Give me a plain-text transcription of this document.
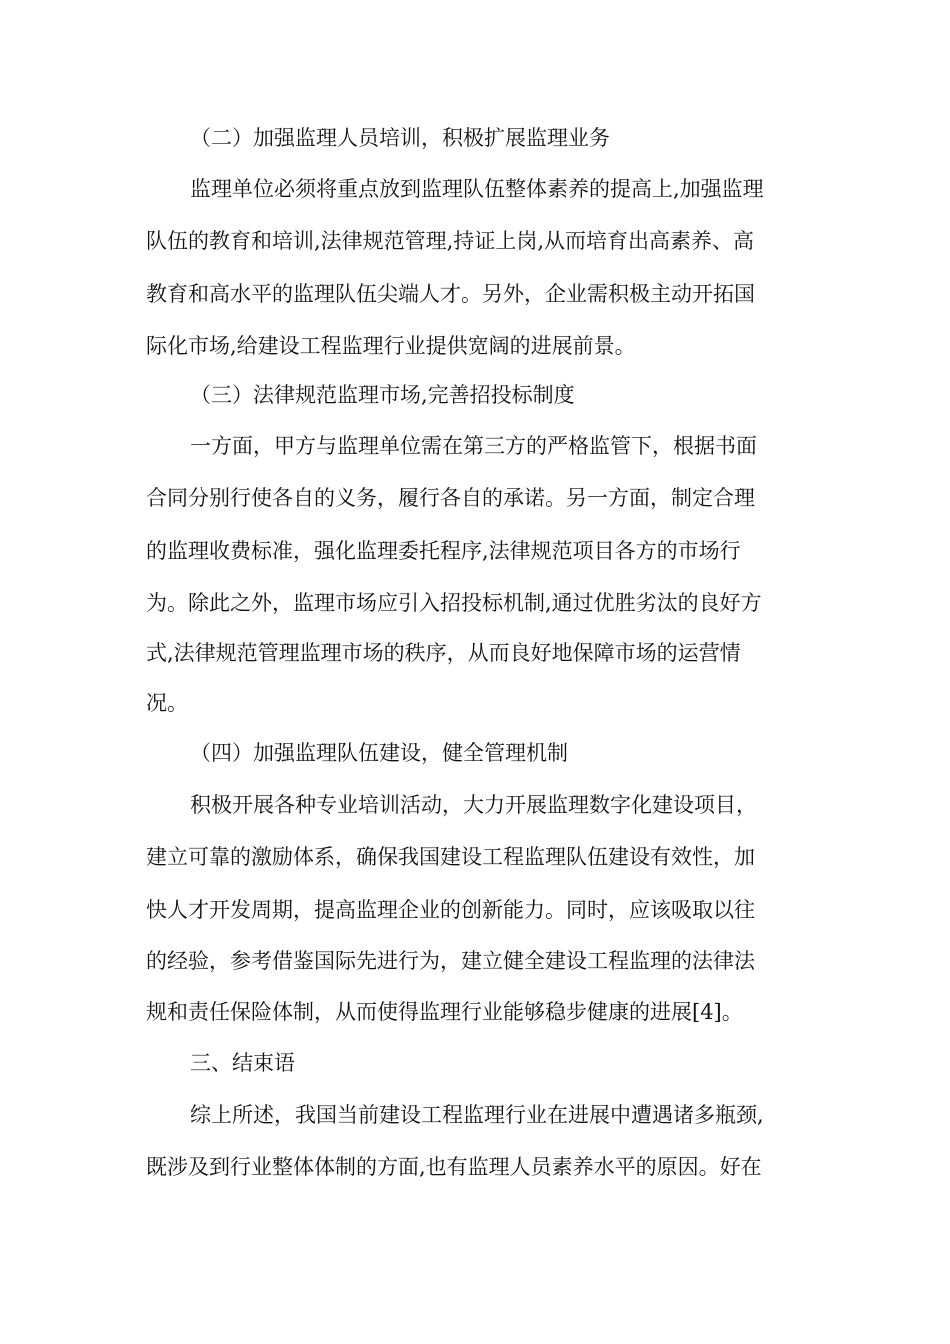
（二）加强监理人员培训，积极扩展监理业务

监理单位必须将重点放到监理队伍整体素养的提高上,加强监理

队伍的教育和培训,法律规范管理,持证上岗,从而培育出高素养、高

教育和高水平的监理队伍尖端人才。另外，企业需积极主动开拓国

际化市场,给建设工程监理行业提供宽阔的进展前景。

（三）法律规范监理市场,完善招投标制度

一方面，甲方与监理单位需在第三方的严格监管下，根据书面

合同分别行使各自的义务，履行各自的承诺。另一方面，制定合理

的监理收费标准，强化监理委托程序,法律规范项目各方的市场行

为。除此之外，监理市场应引入招投标机制,通过优胜劣汰的良好方

式,法律规范管理监理市场的秩序，从而良好地保障市场的运营情

况。

（四）加强监理队伍建设，健全管理机制

积极开展各种专业培训活动，大力开展监理数字化建设项目，

建立可靠的激励体系，确保我国建设工程监理队伍建设有效性，加

快人才开发周期，提高监理企业的创新能力。同时，应该吸取以往

的经验，参考借鉴国际先进行为，建立健全建设工程监理的法律法

规和责任保险体制，从而使得监理行业能够稳步健康的进展[4]。

三、结束语

综上所述，我国当前建设工程监理行业在进展中遭遇诸多瓶颈,

既涉及到行业整体体制的方面,也有监理人员素养水平的原因。好在
